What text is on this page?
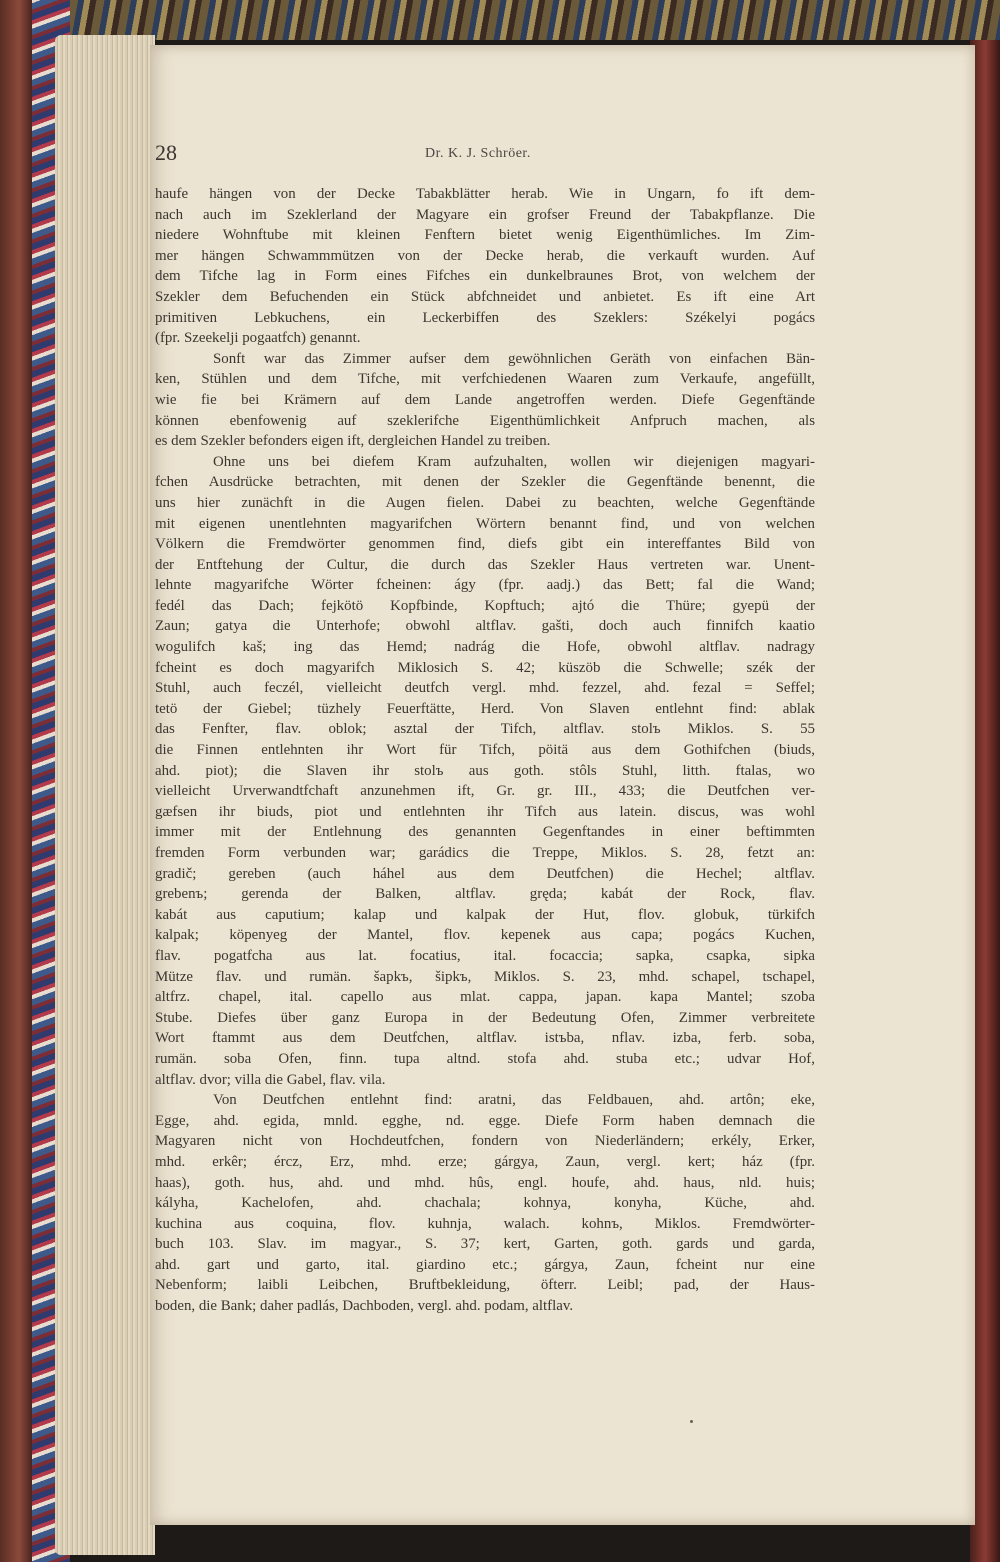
28	Dr. K. J. Schröer.
haufe hängen von der Decke Tabakblätter herab. Wie in Ungarn, fo ift dem-
nach auch im Szeklerland der Magyare ein grofser Freund der Tabakpflanze. Die
niedere Wohnftube mit kleinen Fenftern bietet wenig Eigenthümliches. Im Zim-
mer hängen Schwammmützen von der Decke herab, die verkauft wurden. Auf
dem Tifche lag in Form eines Fifches ein dunkelbraunes Brot, von welchem der
Szekler dem Befuchenden ein Stück abfchneidet und anbietet. Es ift eine Art
primitiven Lebkuchens, ein Leckerbiffen des Szeklers: Székelyi pogács
(fpr. Szeekelji pogaatfch) genannt.
Sonft war das Zimmer aufser dem gewöhnlichen Geräth von einfachen Bän-
ken, Stühlen und dem Tifche, mit verfchiedenen Waaren zum Verkaufe, angefüllt,
wie fie bei Krämern auf dem Lande angetroffen werden. Diefe Gegenftände
können ebenfowenig auf szeklerifche Eigenthümlichkeit Anfpruch machen, als
es dem Szekler befonders eigen ift, dergleichen Handel zu treiben.
Ohne uns bei diefem Kram aufzuhalten, wollen wir diejenigen magyari-
fchen Ausdrücke betrachten, mit denen der Szekler die Gegenftände benennt, die
uns hier zunächft in die Augen fielen. Dabei zu beachten, welche Gegenftände
mit eigenen unentlehnten magyarifchen Wörtern benannt find, und von welchen
Völkern die Fremdwörter genommen find, diefs gibt ein intereffantes Bild von
der Entftehung der Cultur, die durch das Szekler Haus vertreten war. Unent-
lehnte magyarifche Wörter fcheinen: ágy (fpr. aadj.) das Bett; fal die Wand;
fedél das Dach; fejkötö Kopfbinde, Kopftuch; ajtó die Thüre; gyepü der
Zaun; gatya die Unterhofe; obwohl altflav. gašti, doch auch finnifch kaatio
wogulifch kaš; ing das Hemd; nadrág die Hofe, obwohl altflav. nadragy
fcheint es doch magyarifch Miklosich S. 42; küszöb die Schwelle; szék der
Stuhl, auch feczél, vielleicht deutfch vergl. mhd. fezzel, ahd. fezal = Seffel;
tetö der Giebel; tüzhely Feuerftätte, Herd. Von Slaven entlehnt find: ablak
das Fenfter, flav. oblok; asztal der Tifch, altflav. stolъ Miklos. S. 55
die Finnen entlehnten ihr Wort für Tifch, pöitä aus dem Gothifchen (biuds,
ahd. piot); die Slaven ihr stolъ aus goth. stôls Stuhl, litth. ftalas, wo
vielleicht Urverwandtfchaft anzunehmen ift, Gr. gr. III., 433; die Deutfchen ver-
gæfsen ihr biuds, piot und entlehnten ihr Tifch aus latein. discus, was wohl
immer mit der Entlehnung des genannten Gegenftandes in einer beftimmten
fremden Form verbunden war; garádics die Treppe, Miklos. S. 28, fetzt an:
gradič; gereben (auch háhel aus dem Deutfchen) die Hechel; altflav.
grebenъ; gerenda der Balken, altflav. gręda; kabát der Rock, flav.
kabát aus caputium; kalap und kalpak der Hut, flov. globuk, türkifch
kalpak; köpenyeg der Mantel, flov. kepenek aus capa; pogács Kuchen,
flav. pogatfcha aus lat. focatius, ital. focaccia; sapka, csapka, sipka
Mütze flav. und rumän. šapkъ, šipkъ, Miklos. S. 23, mhd. schapel, tschapel,
altfrz. chapel, ital. capello aus mlat. cappa, japan. kapa Mantel; szoba
Stube. Diefes über ganz Europa in der Bedeutung Ofen, Zimmer verbreitete
Wort ftammt aus dem Deutfchen, altflav. istъba, nflav. izba, ferb. soba,
rumän. soba Ofen, finn. tupa altnd. stofa ahd. stuba etc.; udvar Hof,
altflav. dvor; villa die Gabel, flav. vila.
Von Deutfchen entlehnt find: aratni, das Feldbauen, ahd. artôn; eke,
Egge, ahd. egida, mnld. egghe, nd. egge. Diefe Form haben demnach die
Magyaren nicht von Hochdeutfchen, fondern von Niederländern; erkély, Erker,
mhd. erkêr; ércz, Erz, mhd. erze; gárgya, Zaun, vergl. kert; ház (fpr.
haas), goth. hus, ahd. und mhd. hûs, engl. houfe, ahd. haus, nld. huis;
kályha, Kachelofen, ahd. chachala; kohnya, konyha, Küche, ahd.
kuchina aus coquina, flov. kuhnja, walach. kohnъ, Miklos. Fremdwörter-
buch 103. Slav. im magyar., S. 37; kert, Garten, goth. gards und garda,
ahd. gart und garto, ital. giardino etc.; gárgya, Zaun, fcheint nur eine
Nebenform; laibli Leibchen, Bruftbekleidung, öfterr. Leibl; pad, der Haus-
boden, die Bank; daher padlás, Dachboden, vergl. ahd. podam, altflav.
